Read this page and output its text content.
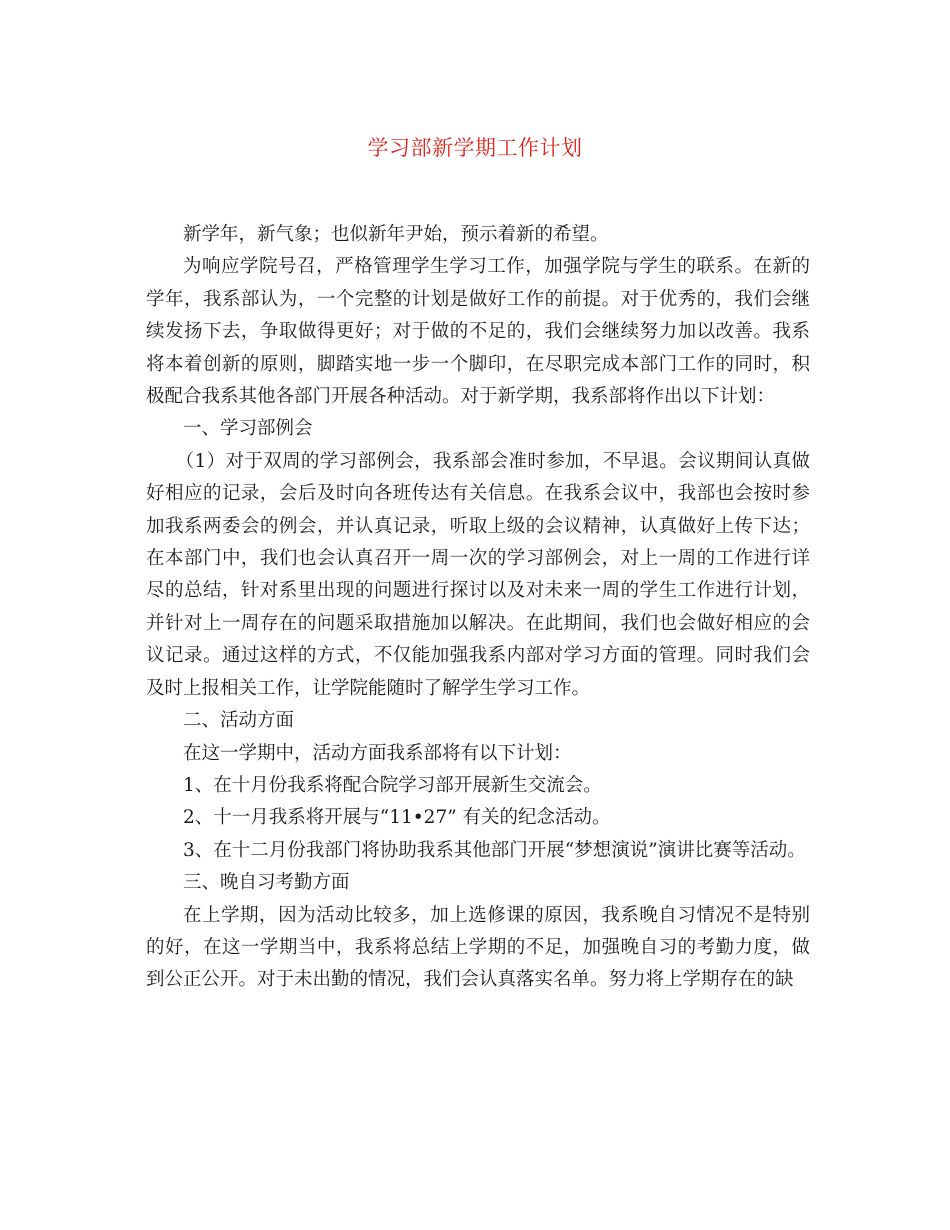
学习部新学期工作计划

新学年，新气象；也似新年尹始，预示着新的希望。

为响应学院号召，严格管理学生学习工作，加强学院与学生的联系。在新的学年，我系部认为，一个完整的计划是做好工作的前提。对于优秀的，我们会继续发扬下去，争取做得更好；对于做的不足的，我们会继续努力加以改善。我系将本着创新的原则，脚踏实地一步一个脚印，在尽职完成本部门工作的同时，积极配合我系其他各部门开展各种活动。对于新学期，我系部将作出以下计划：

一、学习部例会

（1）对于双周的学习部例会，我系部会准时参加，不早退。会议期间认真做好相应的记录，会后及时向各班传达有关信息。在我系会议中，我部也会按时参加我系两委会的例会，并认真记录，听取上级的会议精神，认真做好上传下达；在本部门中，我们也会认真召开一周一次的学习部例会，对上一周的工作进行详尽的总结，针对系里出现的问题进行探讨以及对未来一周的学生工作进行计划，并针对上一周存在的问题采取措施加以解决。在此期间，我们也会做好相应的会议记录。通过这样的方式，不仅能加强我系内部对学习方面的管理。同时我们会及时上报相关工作，让学院能随时了解学生学习工作。

二、活动方面

在这一学期中，活动方面我系部将有以下计划：

1、在十月份我系将配合院学习部开展新生交流会。

2、十一月我系将开展与“11•27” 有关的纪念活动。

3、在十二月份我部门将协助我系其他部门开展“梦想演说”演讲比赛等活动。

三、晚自习考勤方面

在上学期，因为活动比较多，加上选修课的原因，我系晚自习情况不是特别的好，在这一学期当中，我系将总结上学期的不足，加强晚自习的考勤力度，做到公正公开。对于未出勤的情况，我们会认真落实名单。努力将上学期存在的缺
